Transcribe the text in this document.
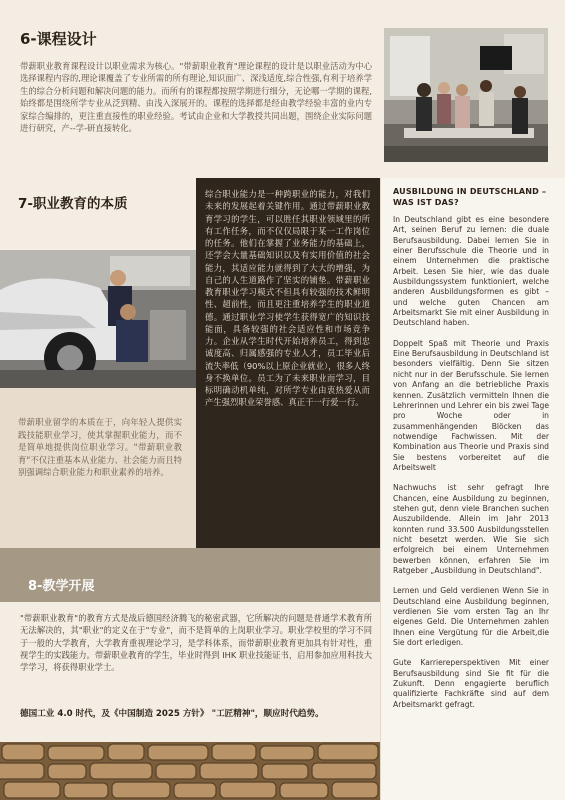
6-课程设计
带薪职业教育课程设计以职业需求为核心。"带薪职业教育"理论课程的设计是以职业活动为中心选择课程内容的,理论课覆盖了专业所需的所有理论,知识面广、深浅适度,综合性强,有利于培养学生的综合分析问题和解决问题的能力。而所有的课程都按照学期进行细分，无论哪一学期的课程,始终都是围绕所学专业从泛到精、由浅入深展开的。课程的选择都是经由教学经验丰富的业内专家综合编排的，更注重直接性的职业经验。考试由企业和大学教授共同出题，围绕企业实际问题进行研究，产--学-研直接转化。
7-职业教育的本质
带薪职业留学的本质在于，向年轻人提供实践技能职业学习，使其掌握职业能力，而不是简单地提供岗位职业学习。"带薪职业教育"不仅注重基本从业能力、社会能力而且特别强调综合职业能力和职业素养的培养。
综合职业能力是一种跨职业的能力，对我们未来的发展起着关键作用。通过带薪职业教育学习的学生，可以胜任其职业领域里的所有工作任务，而不仅仅局限于某一工作岗位的任务。他们在掌握了业务能力的基础上，还学会大量基础知识以及有实用价值的社会能力，其适应能力就得到了大大的增强，为自己的人生道路作了坚实的铺垫。带薪职业教育职业学习模式不但具有较强的技术鲜明性、超前性，而且更注重培养学生的职业道德。通过职业学习使学生获得宽广的知识技能面，具备较强的社会适应性和市场竞争力。企业从学生时代开始培养员工，得到忠诚度高、归属感强的专业人才，员工毕业后流失率低（90%以上原企业就业），很多人终身不换单位。员工为了未来职业而学习，目标明确动机单纯，对所学专业由衷热爱从而产生强烈职业荣誉感、真正干一行爱一行。
AUSBILDUNG IN DEUTSCHLAND – WAS IST DAS?
In Deutschland gibt es eine besondere Art, seinen Beruf zu lernen: die duale Berufsausbildung. Dabei lernen Sie in einer Berufsschule die Theorie und in einem Unternehmen die praktische Arbeit. Lesen Sie hier, wie das duale Ausbildungssystem funktioniert, welche anderen Ausbildungsformen es gibt – und welche guten Chancen am Arbeitsmarkt Sie mit einer Ausbildung in Deutschland haben.
Doppelt Spaß mit Theorie und Praxis Eine Berufsausbildung in Deutschland ist besonders vielfältig. Denn Sie sitzen nicht nur in der Berufsschule. Sie lernen von Anfang an die betriebliche Praxis kennen. Zusätzlich vermitteln Ihnen die Lehrerinnen und Lehrer ein bis zwei Tage pro Woche oder in zusammenhängenden Blöcken das notwendige Fachwissen. Mit der Kombination aus Theorie und Praxis sind Sie bestens vorbereitet auf die Arbeitswelt
Nachwuchs ist sehr gefragt Ihre Chancen, eine Ausbildung zu beginnen, stehen gut, denn viele Branchen suchen Auszubildende. Allein im Jahr 2013 konnten rund 33.500 Ausbildungsstellen nicht besetzt werden. Wie Sie sich erfolgreich bei einem Unternehmen bewerben können, erfahren Sie im Ratgeber „Ausbildung in Deutschland".
Lernen und Geld verdienen Wenn Sie in Deutschland eine Ausbildung beginnen, verdienen Sie vom ersten Tag an Ihr eigenes Geld. Die Unternehmen zahlen Ihnen eine Vergütung für die Arbeit,die Sie dort erledigen.
Gute Karriereperspektiven Mit einer Berufsausbildung sind Sie fit für die Zukunft. Denn engagierte beruflich qualifizierte Fachkräfte sind auf dem Arbeitsmarkt gefragt.
8-教学开展
"带薪职业教育"的教育方式是战后德国经济腾飞的秘密武器，它所解决的问题是普通学术教育所无法解决的，其"职业"的定义在于"专业"，而不是简单的上岗职业学习。职业学校里的学习不同于一般的大学教育，大学教育重视理论学习，是学科体系，而带薪职业教育更加具有针对性，重视学生的实践能力。带薪职业教育的学生，毕业时得到 IHK 职业技能证书，启用参加应用科技大学学习，将获得职业学士。
德国工业 4.0 时代，及《中国制造 2025 方针》 "工匠精神"，顺应时代趋势。
